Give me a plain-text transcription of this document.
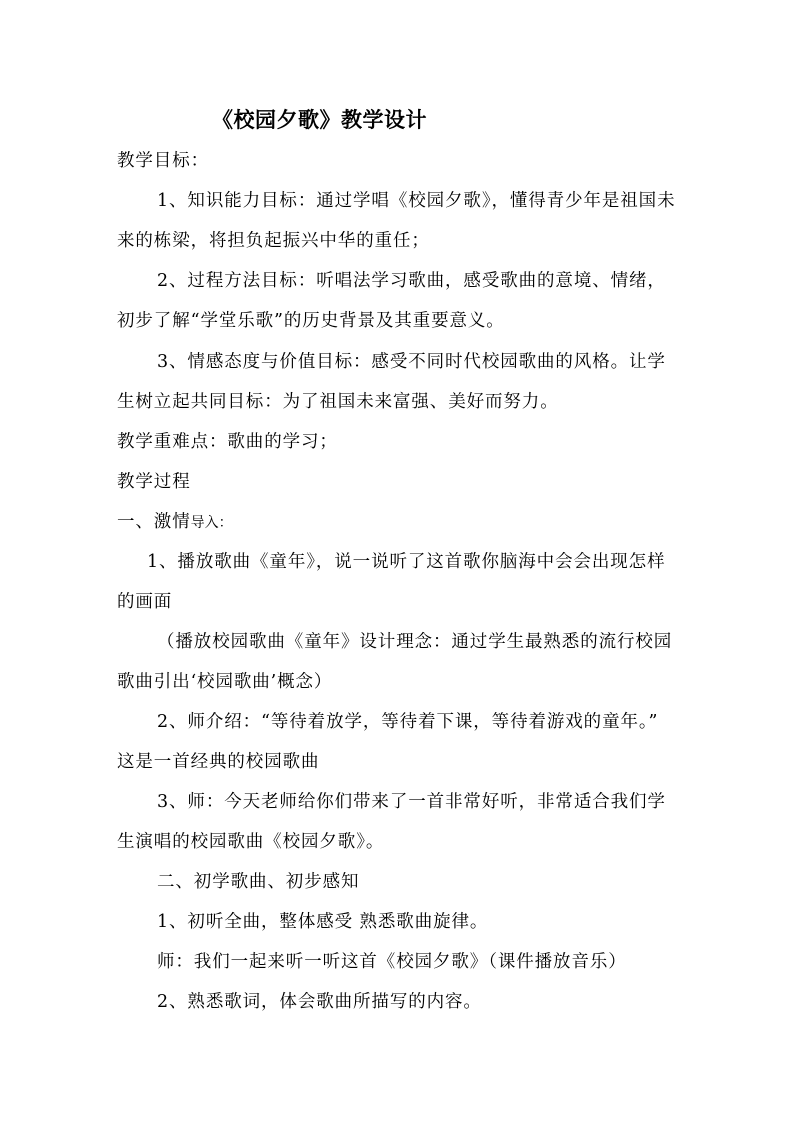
《校园夕歌》教学设计
教学目标：
1、知识能力目标：通过学唱《校园夕歌》，懂得青少年是祖国未
来的栋梁，将担负起振兴中华的重任；
2、过程方法目标：听唱法学习歌曲，感受歌曲的意境、情绪，
初步了解“学堂乐歌”的历史背景及其重要意义。
3、情感态度与价值目标：感受不同时代校园歌曲的风格。让学
生树立起共同目标：为了祖国未来富强、美好而努力。
教学重难点：歌曲的学习；
教学过程
一、激情导入：
1、播放歌曲《童年》，说一说听了这首歌你脑海中会会出现怎样
的画面
（播放校园歌曲《童年》设计理念：通过学生最熟悉的流行校园
歌曲引出‘校园歌曲’概念）
2、师介绍：“等待着放学，等待着下课，等待着游戏的童年。”
这是一首经典的校园歌曲
3、师：今天老师给你们带来了一首非常好听，非常适合我们学
生演唱的校园歌曲《校园夕歌》。
二、初学歌曲、初步感知
1、初听全曲，整体感受 熟悉歌曲旋律。
师：我们一起来听一听这首《校园夕歌》（课件播放音乐）
2、熟悉歌词，体会歌曲所描写的内容。
